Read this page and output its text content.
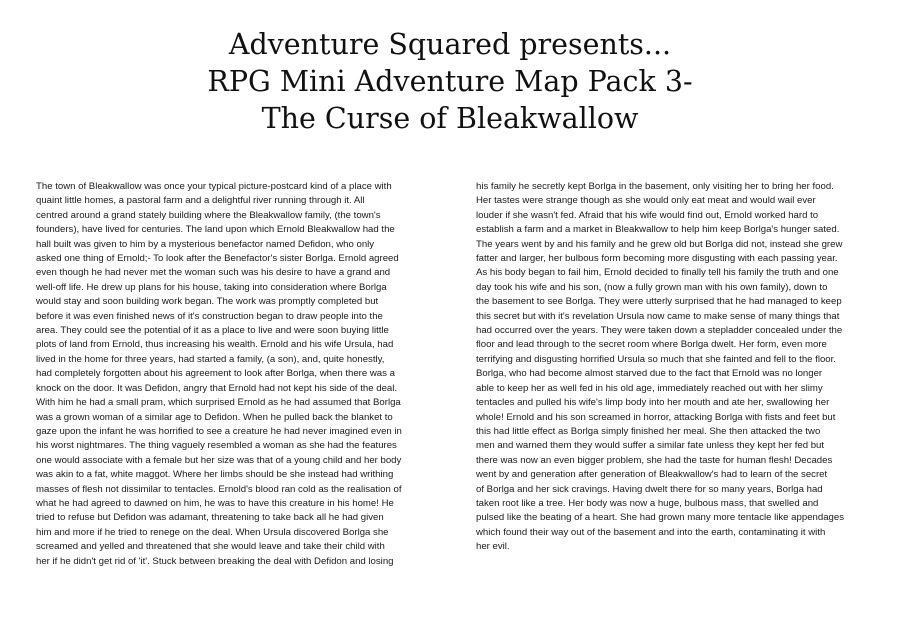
Adventure Squared presents...
RPG Mini Adventure Map Pack 3-
The Curse of Bleakwallow
The town of Bleakwallow was once your typical picture-postcard kind of a place with
quaint little homes, a pastoral farm and a delightful river running through it. All
centred around a grand stately building where the Bleakwallow family, (the town's
founders), have lived for centuries. The land upon which Ernold Bleakwallow had the
hall built was given to him by a mysterious benefactor named Defidon, who only
asked one thing of Ernold;- To look after the Benefactor's sister Borlga. Ernold agreed
even though he had never met the woman such was his desire to have a grand and
well-off life. He drew up plans for his house, taking into consideration where Borlga
would stay and soon building work began. The work was promptly completed but
before it was even finished news of it's construction began to draw people into the
area. They could see the potential of it as a place to live and were soon buying little
plots of land from Ernold, thus increasing his wealth. Ernold and his wife Ursula, had
lived in the home for three years, had started a family, (a son), and, quite honestly,
had completely forgotten about his agreement to look after Borlga, when there was a
knock on the door. It was Defidon, angry that Ernold had not kept his side of the deal.
With him he had a small pram, which surprised Ernold as he had assumed that Borlga
was a grown woman of a similar age to Defidon. When he pulled back the blanket to
gaze upon the infant he was horrified to see a creature he had never imagined even in
his worst nightmares. The thing vaguely resembled a woman as she had the features
one would associate with a female but her size was that of a young child and her body
was akin to a fat, white maggot. Where her limbs should be she instead had writhing
masses of flesh not dissimilar to tentacles. Ernold's blood ran cold as the realisation of
what he had agreed to dawned on him, he was to have this creature in his home! He
tried to refuse but Defidon was adamant, threatening to take back all he had given
him and more if he tried to renege on the deal. When Ursula discovered Borlga she
screamed and yelled and threatened that she would leave and take their child with
her if he didn't get rid of 'it'. Stuck between breaking the deal with Defidon and losing
his family he secretly kept Borlga in the basement, only visiting her to bring her food.
Her tastes were strange though as she would only eat meat and would wail ever
louder if she wasn't fed. Afraid that his wife would find out, Ernold worked hard to
establish a farm and a market in Bleakwallow to help him keep Borlga's hunger sated.
The years went by and his family and he grew old but Borlga did not, instead she grew
fatter and larger, her bulbous form becoming more disgusting with each passing year.
As his body began to fail him, Ernold decided to finally tell his family the truth and one
day took his wife and his son, (now a fully grown man with his own family), down to
the basement to see Borlga. They were utterly surprised that he had managed to keep
this secret but with it's revelation Ursula now came to make sense of many things that
had occurred over the years. They were taken down a stepladder concealed under the
floor and lead through to the secret room where Borlga dwelt. Her form, even more
terrifying and disgusting horrified Ursula so much that she fainted and fell to the floor.
Borlga, who had become almost starved due to the fact that Ernold was no longer
able to keep her as well fed in his old age, immediately reached out with her slimy
tentacles and pulled his wife's limp body into her mouth and ate her, swallowing her
whole! Ernold and his son screamed in horror, attacking Borlga with fists and feet but
this had little effect as Borlga simply finished her meal. She then attacked the two
men and warned them they would suffer a similar fate unless they kept her fed but
there was now an even bigger problem, she had the taste for human flesh! Decades
went by and generation after generation of Bleakwallow's had to learn of the secret
of Borlga and her sick cravings. Having dwelt there for so many years, Borlga had
taken root like a tree. Her body was now a huge, bulbous mass, that swelled and
pulsed like the beating of a heart. She had grown many more tentacle like appendages
which found their way out of the basement and into the earth, contaminating it with
her evil.
